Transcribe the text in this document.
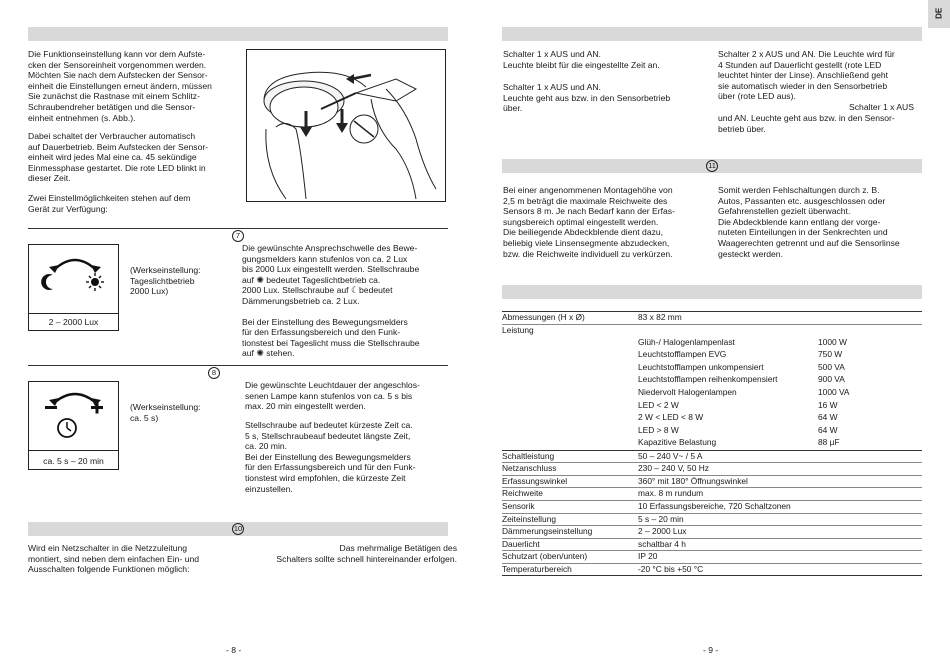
DE
Die Funktionseinstellung kann vor dem Aufste-
cken der Sensoreinheit vorgenommen werden.
Möchten Sie nach dem Aufstecken der Sensor-
einheit die Einstellungen erneut ändern, müssen
Sie zunächst die Rastnase mit einem Schlitz-
Schraubendreher betätigen und die Sensor-
einheit entnehmen (s. Abb.).
Dabei schaltet der Verbraucher automatisch
auf Dauerbetrieb. Beim Aufstecken der Sensor-
einheit wird jedes Mal eine ca. 45 sekündige
Einmessphase gestartet. Die rote LED blinkt in
dieser Zeit.
Zwei Einstellmöglichkeiten stehen auf dem
Gerät zur Verfügung:
7
2 – 2000 Lux
(Werkseinstellung:
Tageslichtbetrieb
2000 Lux)
Die gewünschte Ansprechschwelle des Bewe-
gungsmelders kann stufenlos von ca. 2 Lux
bis 2000 Lux eingestellt werden. Stellschraube
auf ✺ bedeutet Tageslichtbetrieb ca.
2000 Lux. Stellschraube auf ☾bedeutet
Dämmerungsbetrieb ca. 2 Lux.
Bei der Einstellung des Bewegungsmelders
für den Erfassungsbereich und den Funk-
tionstest bei Tageslicht muss die Stellschraube
auf ✺ stehen.
8
ca. 5 s – 20 min
(Werkseinstellung:
ca. 5 s)
Die gewünschte Leuchtdauer der angeschlos-
senen Lampe kann stufenlos von ca. 5 s bis
max. 20 min eingestellt werden.
Stellschraube auf bedeutet kürzeste Zeit ca.
5 s, Stellschraubeauf bedeutet längste Zeit,
ca. 20 min.
Bei der Einstellung des Bewegungsmelders
für den Erfassungsbereich und für den Funk-
tionstest wird empfohlen, die kürzeste Zeit
einzustellen.
10
Wird ein Netzschalter in die Netzzuleitung
montiert, sind neben dem einfachen Ein- und
Ausschalten folgende Funktionen möglich:
Das mehrmalige Betätigen des
Schalters sollte schnell hintereinander erfolgen.
- 8 -
Schalter 1 x AUS und AN.
Leuchte bleibt für die eingestellte Zeit an.
Schalter 1 x AUS und AN.
Leuchte geht aus bzw. in den Sensorbetrieb
über.
Schalter 2 x AUS und AN. Die Leuchte wird für
4 Stunden auf Dauerlicht gestellt (rote LED
leuchtet hinter der Linse). Anschließend geht
sie automatisch wieder in den Sensorbetrieb
über (rote LED aus).
Schalter 1 x AUS
und AN. Leuchte geht aus bzw. in den Sensor-
betrieb über.
11
Bei einer angenommenen Montagehöhe von
2,5 m beträgt die maximale Reichweite des
Sensors 8 m. Je nach Bedarf kann der Erfas-
sungsbereich optimal eingestellt werden.
Die beiliegende Abdeckblende dient dazu,
beliebig viele Linsensegmente abzudecken,
bzw. die Reichweite individuell zu verkürzen.
Somit werden Fehlschaltungen durch z. B.
Autos, Passanten etc. ausgeschlossen oder
Gefahrenstellen gezielt überwacht.
Die Abdeckblende kann entlang der vorge-
nuteten Einteilungen in der Senkrechten und
Waagerechten getrennt und auf die Sensorlinse
gesteckt werden.
Abmessungen (H x Ø)	83 x 82 mm	
Leistung		
	Glüh-/ Halogenlampenlast	1000 W
	Leuchtstofflampen EVG	750 W
	Leuchtstofflampen unkompensiert	500 VA
	Leuchtstofflampen reihenkompensiert	900 VA
	Niedervolt Halogenlampen	1000 VA
	LED < 2 W	16 W
	2 W < LED < 8 W	64 W
	LED > 8 W	64 W
	Kapazitive Belastung	88 µF
Schaltleistung	50 – 240 V~ / 5 A	
Netzanschluss	230 – 240 V, 50 Hz	
Erfassungswinkel	360° mit 180° Öffnungswinkel	
Reichweite	max. 8 m rundum	
Sensorik	10 Erfassungsbereiche, 720 Schaltzonen	
Zeiteinstellung	5 s – 20 min	
Dämmerungseinstellung	2 – 2000 Lux	
Dauerlicht	schaltbar 4 h	
Schutzart (oben/unten)	IP 20	
Temperaturbereich	-20 °C bis +50 °C	
- 9 -
